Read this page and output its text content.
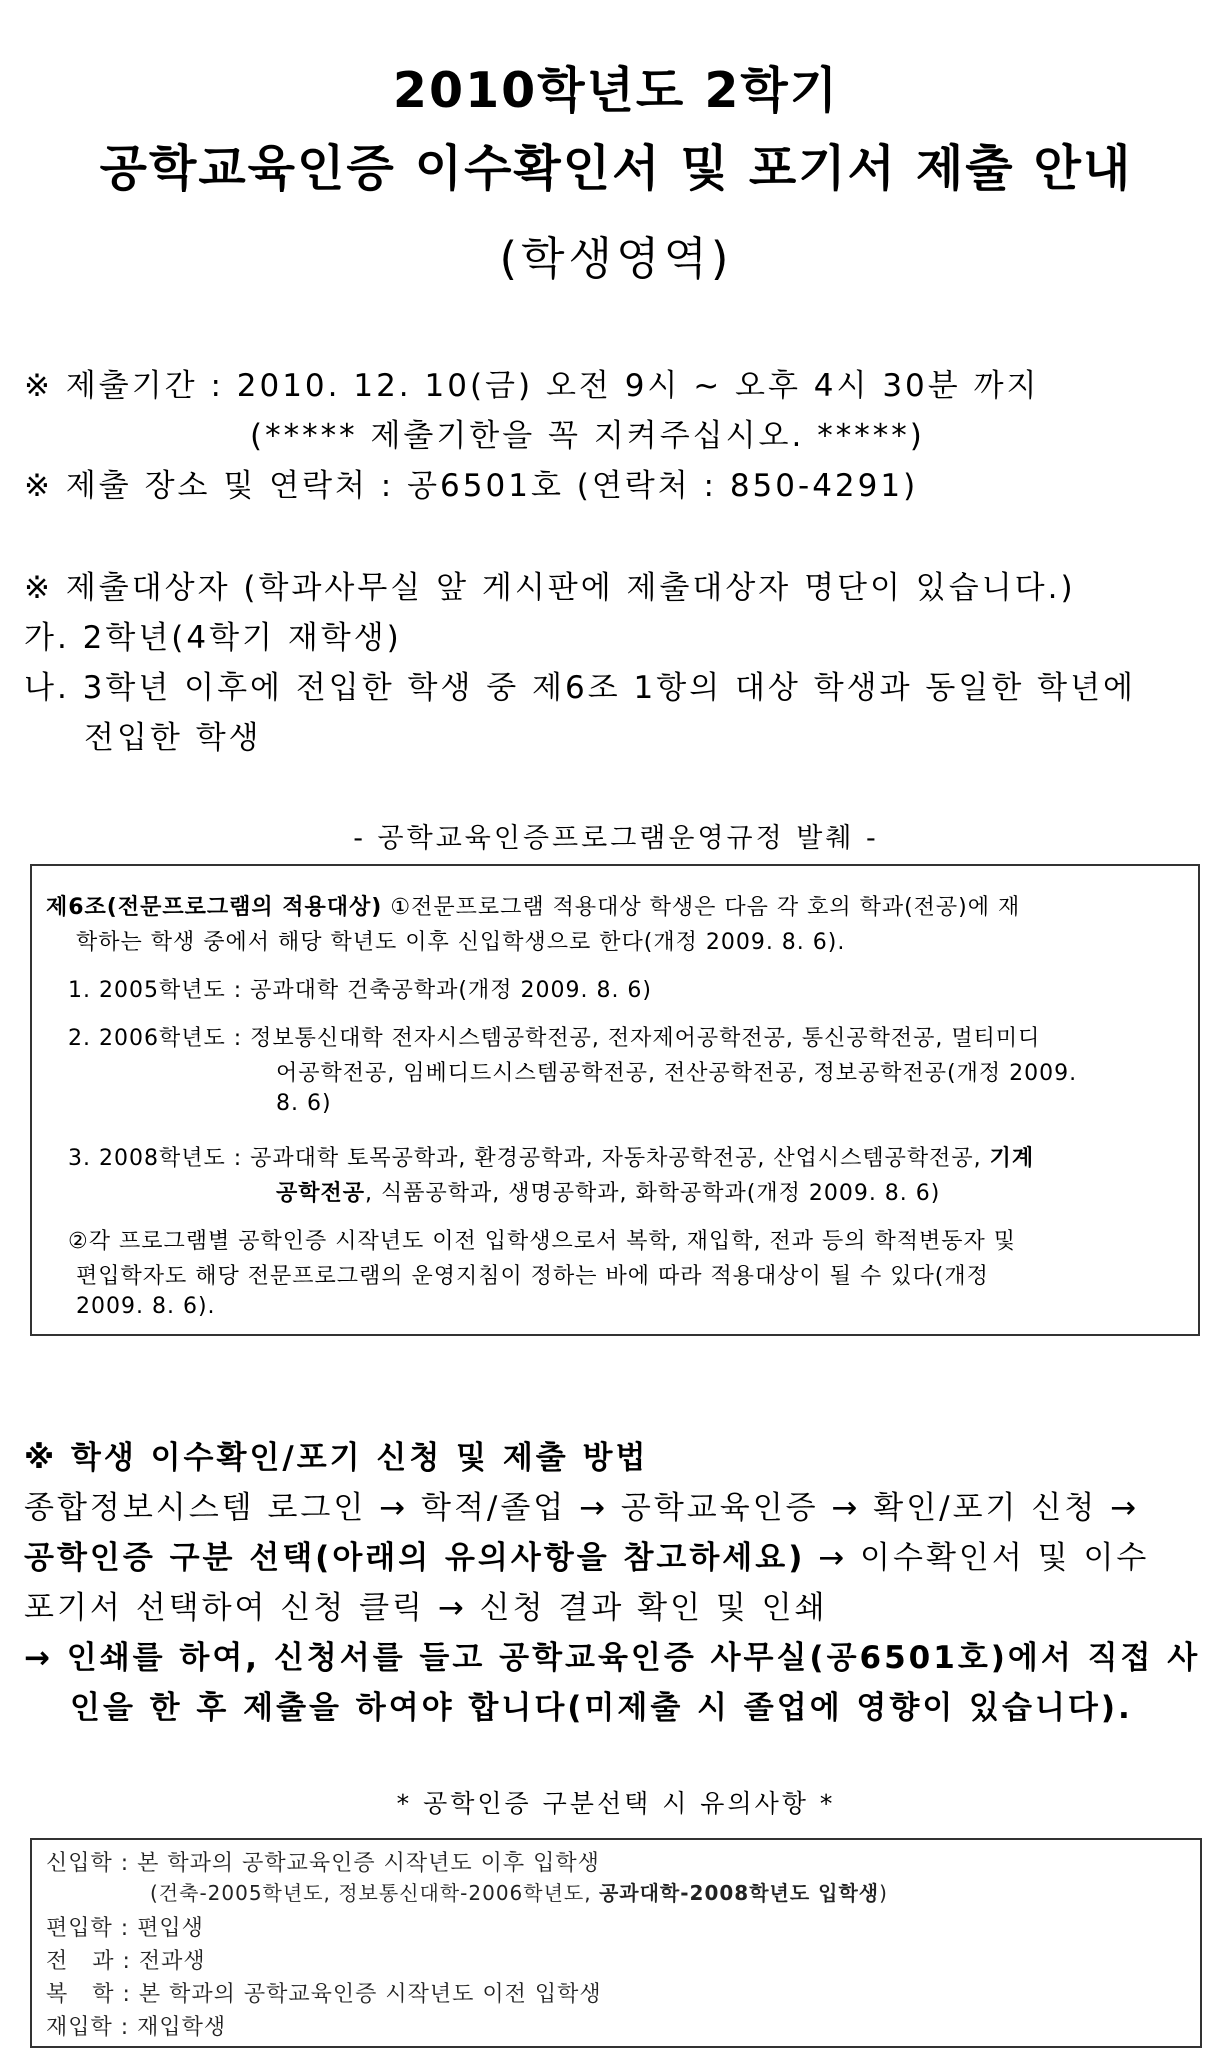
2010학년도 2학기
공학교육인증 이수확인서 및 포기서 제출 안내
(학생영역)
※ 제출기간 : 2010. 12. 10(금) 오전 9시 ~ 오후 4시 30분 까지
(***** 제출기한을 꼭 지켜주십시오. *****)
※ 제출 장소 및 연락처 : 공6501호 (연락처 : 850-4291)
※ 제출대상자 (학과사무실 앞 게시판에 제출대상자 명단이 있습니다.)
가. 2학년(4학기 재학생)
나. 3학년 이후에 전입한 학생 중 제6조 1항의 대상 학생과 동일한 학년에
전입한 학생
- 공학교육인증프로그램운영규정 발췌 -
제6조(전문프로그램의 적용대상) ①전문프로그램 적용대상 학생은 다음 각 호의 학과(전공)에 재
학하는 학생 중에서 해당 학년도 이후 신입학생으로 한다(개정 2009. 8. 6).
1. 2005학년도 : 공과대학 건축공학과(개정 2009. 8. 6)
2. 2006학년도 : 정보통신대학 전자시스템공학전공, 전자제어공학전공, 통신공학전공, 멀티미디
어공학전공, 임베디드시스템공학전공, 전산공학전공, 정보공학전공(개정 2009.
8. 6)
3. 2008학년도 : 공과대학 토목공학과, 환경공학과, 자동차공학전공, 산업시스템공학전공, 기계
공학전공, 식품공학과, 생명공학과, 화학공학과(개정 2009. 8. 6)
②각 프로그램별 공학인증 시작년도 이전 입학생으로서 복학, 재입학, 전과 등의 학적변동자 및
편입학자도 해당 전문프로그램의 운영지침이 정하는 바에 따라 적용대상이 될 수 있다(개정
2009. 8. 6).
※ 학생 이수확인/포기 신청 및 제출 방법
종합정보시스템 로그인 → 학적/졸업 → 공학교육인증 → 확인/포기 신청 →
공학인증 구분 선택(아래의 유의사항을 참고하세요) → 이수확인서 및 이수
포기서 선택하여 신청 클릭 → 신청 결과 확인 및 인쇄
→ 인쇄를 하여, 신청서를 들고 공학교육인증 사무실(공6501호)에서 직접 사
인을 한 후 제출을 하여야 합니다(미제출 시 졸업에 영향이 있습니다).
* 공학인증 구분선택 시 유의사항 *
신입학 : 본 학과의 공학교육인증 시작년도 이후 입학생
(건축-2005학년도, 정보통신대학-2006학년도, 공과대학-2008학년도 입학생)
편입학 : 편입생
전   과 : 전과생
복   학 : 본 학과의 공학교육인증 시작년도 이전 입학생
재입학 : 재입학생
